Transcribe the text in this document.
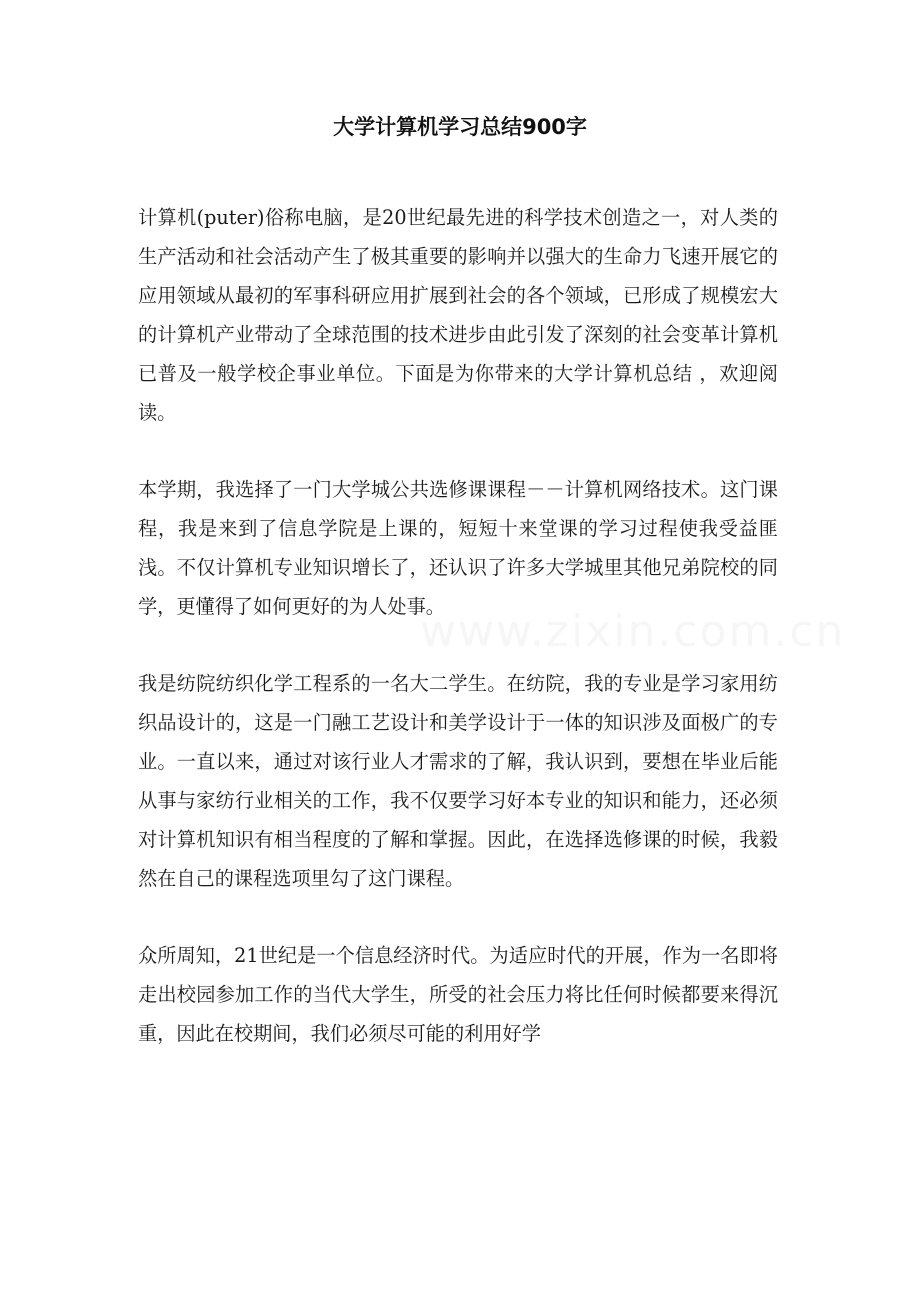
大学计算机学习总结900字

计算机(puter)俗称电脑，是20世纪最先进的科学技术创造之一，对人类的生产活动和社会活动产生了极其重要的影响并以强大的生命力飞速开展它的应用领域从最初的军事科研应用扩展到社会的各个领域，已形成了规模宏大的计算机产业带动了全球范围的技术进步由此引发了深刻的社会变革计算机已普及一般学校企事业单位。下面是为你带来的大学计算机总结 ，欢迎阅读。

本学期，我选择了一门大学城公共选修课课程－－计算机网络技术。这门课程，我是来到了信息学院是上课的，短短十来堂课的学习过程使我受益匪浅。不仅计算机专业知识增长了，还认识了许多大学城里其他兄弟院校的同学，更懂得了如何更好的为人处事。

我是纺院纺织化学工程系的一名大二学生。在纺院，我的专业是学习家用纺织品设计的，这是一门融工艺设计和美学设计于一体的知识涉及面极广的专业。一直以来，通过对该行业人才需求的了解，我认识到，要想在毕业后能从事与家纺行业相关的工作，我不仅要学习好本专业的知识和能力，还必须对计算机知识有相当程度的了解和掌握。因此，在选择选修课的时候，我毅然在自己的课程选项里勾了这门课程。

众所周知，21世纪是一个信息经济时代。为适应时代的开展，作为一名即将走出校园参加工作的当代大学生，所受的社会压力将比任何时候都要来得沉重，因此在校期间，我们必须尽可能的利用好学

www.zixin.com.cn
